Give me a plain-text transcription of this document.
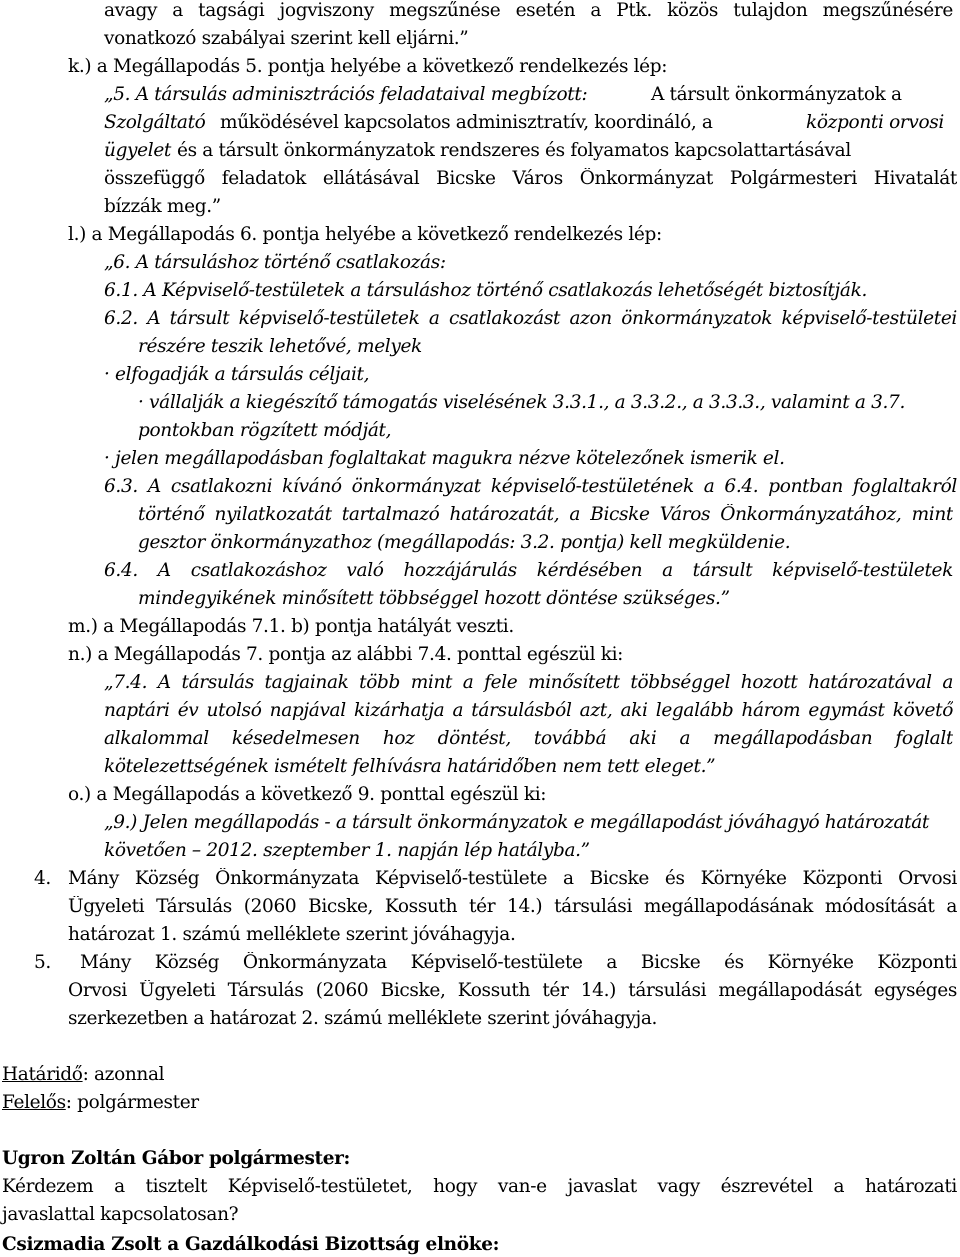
avagy a tagsági jogviszony megszűnése esetén a Ptk. közös tulajdon megszűnésére
vonatkozó szabályai szerint kell eljárni.”
k.) a Megállapodás 5. pontja helyébe a következő rendelkezés lép:
„5. A társulás adminisztrációs feladataival megbízott:	A társult önkormányzatok a
Szolgáltató működésével kapcsolatos adminisztratív, koordináló, a	központi orvosi
ügyelet és a társult önkormányzatok rendszeres és folyamatos kapcsolattartásával
összefüggő feladatok ellátásával Bicske Város Önkormányzat Polgármesteri Hivatalát
bízzák meg.”
l.) a Megállapodás 6. pontja helyébe a következő rendelkezés lép:
„6. A társuláshoz történő csatlakozás:
6.1. A Képviselő-testületek a társuláshoz történő csatlakozás lehetőségét biztosítják.
6.2. A társult képviselő-testületek a csatlakozást azon önkormányzatok képviselő-testületei
részére teszik lehetővé, melyek
· elfogadják a társulás céljait,
· vállalják a kiegészítő támogatás viselésének 3.3.1., a 3.3.2., a 3.3.3., valamint a 3.7.
pontokban rögzített módját,
· jelen megállapodásban foglaltakat magukra nézve kötelezőnek ismerik el.
6.3. A csatlakozni kívánó önkormányzat képviselő-testületének a 6.4. pontban foglaltakról
történő nyilatkozatát tartalmazó határozatát, a Bicske Város Önkormányzatához, mint
gesztor önkormányzathoz (megállapodás: 3.2. pontja) kell megküldenie.
6.4. A csatlakozáshoz való hozzájárulás kérdésében a társult képviselő-testületek
mindegyikének minősített többséggel hozott döntése szükséges.”
m.) a Megállapodás 7.1. b) pontja hatályát veszti.
n.) a Megállapodás 7. pontja az alábbi 7.4. ponttal egészül ki:
„7.4. A társulás tagjainak több mint a fele minősített többséggel hozott határozatával a
naptári év utolsó napjával kizárhatja a társulásból azt, aki legalább három egymást követő
alkalommal késedelmesen hoz döntést, továbbá aki a megállapodásban foglalt
kötelezettségének ismételt felhívásra határidőben nem tett eleget.”
o.) a Megállapodás a következő 9. ponttal egészül ki:
„9.) Jelen megállapodás - a társult önkormányzatok e megállapodást jóváhagyó határozatát
követően – 2012. szeptember 1. napján lép hatályba.”
4. Mány Község Önkormányzata Képviselő-testülete a Bicske és Környéke Központi Orvosi
Ügyeleti Társulás (2060 Bicske, Kossuth tér 14.) társulási megállapodásának módosítását a
határozat 1. számú melléklete szerint jóváhagyja.
5. Mány Község Önkormányzata Képviselő-testülete a Bicske és Környéke Központi
Orvosi Ügyeleti Társulás (2060 Bicske, Kossuth tér 14.) társulási megállapodását egységes
szerkezetben a határozat 2. számú melléklete szerint jóváhagyja.
Határidő: azonnal
Felelős: polgármester
Ugron Zoltán Gábor polgármester:
Kérdezem a tisztelt Képviselő-testületet, hogy van-e javaslat vagy észrevétel a határozati
javaslattal kapcsolatosan?
Csizmadia Zsolt a Gazdálkodási Bizottság elnöke:
